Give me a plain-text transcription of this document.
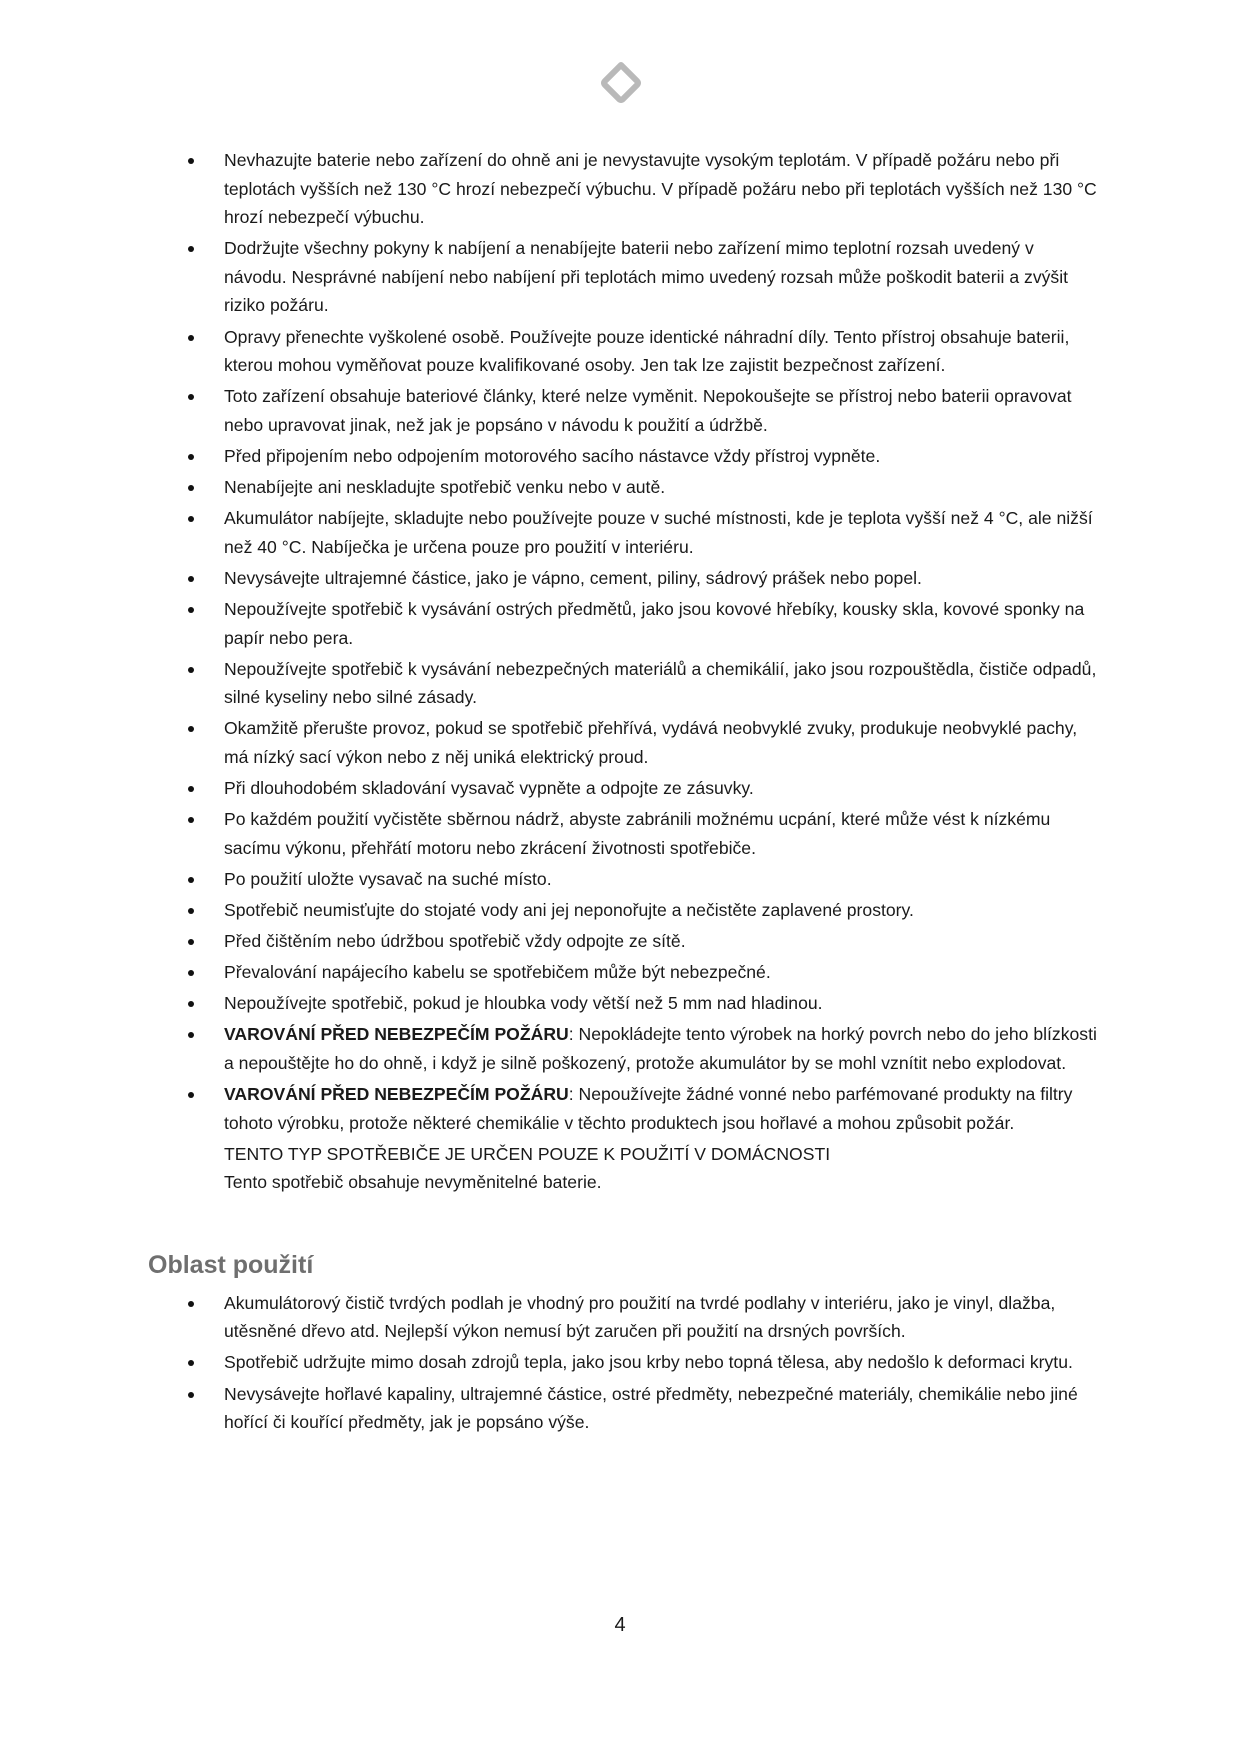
Nevhazujte baterie nebo zařízení do ohně ani je nevystavujte vysokým teplotám. V případě požáru nebo při teplotách vyšších než 130 °C hrozí nebezpečí výbuchu. V případě požáru nebo při teplotách vyšších než 130 °C hrozí nebezpečí výbuchu.
Dodržujte všechny pokyny k nabíjení a nenabíjejte baterii nebo zařízení mimo teplotní rozsah uvedený v návodu. Nesprávné nabíjení nebo nabíjení při teplotách mimo uvedený rozsah může poškodit baterii a zvýšit riziko požáru.
Opravy přenechte vyškolené osobě. Používejte pouze identické náhradní díly. Tento přístroj obsahuje baterii, kterou mohou vyměňovat pouze kvalifikované osoby. Jen tak lze zajistit bezpečnost zařízení.
Toto zařízení obsahuje bateriové články, které nelze vyměnit. Nepokoušejte se přístroj nebo baterii opravovat nebo upravovat jinak, než jak je popsáno v návodu k použití a údržbě.
Před připojením nebo odpojením motorového sacího nástavce vždy přístroj vypněte.
Nenabíjejte ani neskladujte spotřebič venku nebo v autě.
Akumulátor nabíjejte, skladujte nebo používejte pouze v suché místnosti, kde je teplota vyšší než 4 °C, ale nižší než 40 °C. Nabíječka je určena pouze pro použití v interiéru.
Nevysávejte ultrajemné částice, jako je vápno, cement, piliny, sádrový prášek nebo popel.
Nepoužívejte spotřebič k vysávání ostrých předmětů, jako jsou kovové hřebíky, kousky skla, kovové sponky na papír nebo pera.
Nepoužívejte spotřebič k vysávání nebezpečných materiálů a chemikálií, jako jsou rozpouštědla, čističe odpadů, silné kyseliny nebo silné zásady.
Okamžitě přerušte provoz, pokud se spotřebič přehřívá, vydává neobvyklé zvuky, produkuje neobvyklé pachy, má nízký sací výkon nebo z něj uniká elektrický proud.
Při dlouhodobém skladování vysavač vypněte a odpojte ze zásuvky.
Po každém použití vyčistěte sběrnou nádrž, abyste zabránili možnému ucpání, které může vést k nízkému sacímu výkonu, přehřátí motoru nebo zkrácení životnosti spotřebiče.
Po použití uložte vysavač na suché místo.
Spotřebič neumisťujte do stojaté vody ani jej neponořujte a nečistěte zaplavené prostory.
Před čištěním nebo údržbou spotřebič vždy odpojte ze sítě.
Převalování napájecího kabelu se spotřebičem může být nebezpečné.
Nepoužívejte spotřebič, pokud je hloubka vody větší než 5 mm nad hladinou.
VAROVÁNÍ PŘED NEBEZPEČÍM POŽÁRU: Nepokládejte tento výrobek na horký povrch nebo do jeho blízkosti a nepouštějte ho do ohně, i když je silně poškozený, protože akumulátor by se mohl vznítit nebo explodovat.
VAROVÁNÍ PŘED NEBEZPEČÍM POŽÁRU: Nepoužívejte žádné vonné nebo parfémované produkty na filtry tohoto výrobku, protože některé chemikálie v těchto produktech jsou hořlavé a mohou způsobit požár.
TENTO TYP SPOTŘEBIČE JE URČEN POUZE K POUŽITÍ V DOMÁCNOSTI
Tento spotřebič obsahuje nevyměnitelné baterie.
Oblast použití
Akumulátorový čistič tvrdých podlah je vhodný pro použití na tvrdé podlahy v interiéru, jako je vinyl, dlažba, utěsněné dřevo atd. Nejlepší výkon nemusí být zaručen při použití na drsných površích.
Spotřebič udržujte mimo dosah zdrojů tepla, jako jsou krby nebo topná tělesa, aby nedošlo k deformaci krytu.
Nevysávejte hořlavé kapaliny, ultrajemné částice, ostré předměty, nebezpečné materiály, chemikálie nebo jiné hořící či kouřící předměty, jak je popsáno výše.
4
